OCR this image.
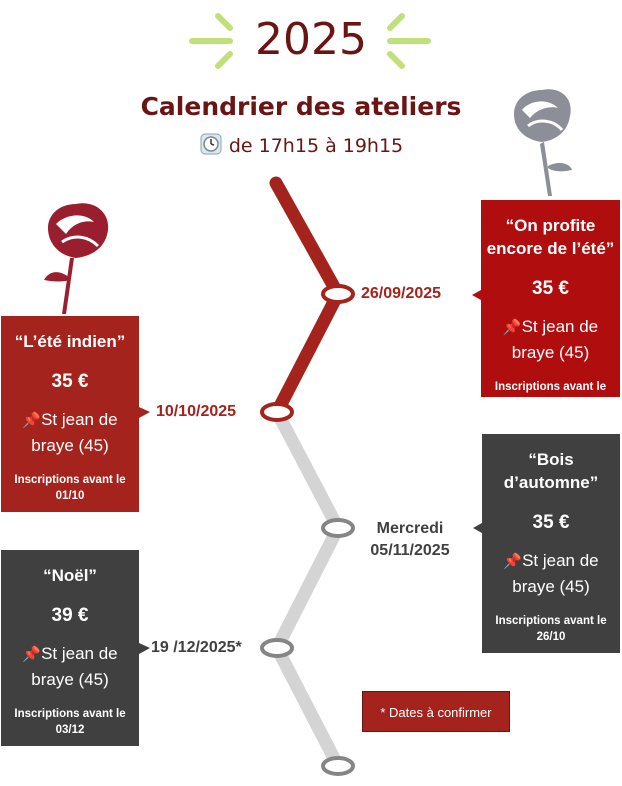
2025
Calendrier des ateliers
de 17h15 à 19h15
“On profite encore de l’été”
35 €
📌St jean de braye (45)
Inscriptions avant le 17/09
“L’été indien”
35 €
📌St jean de braye (45)
Inscriptions avant le 01/10
“Bois d’automne”
35 €
📌St jean de braye (45)
Inscriptions avant le 26/10
“Noël”
39 €
📌St jean de braye (45)
Inscriptions avant le 03/12
26/09/2025
10/10/2025
Mercredi
05/11/2025
19 /12/2025*
* Dates à confirmer
